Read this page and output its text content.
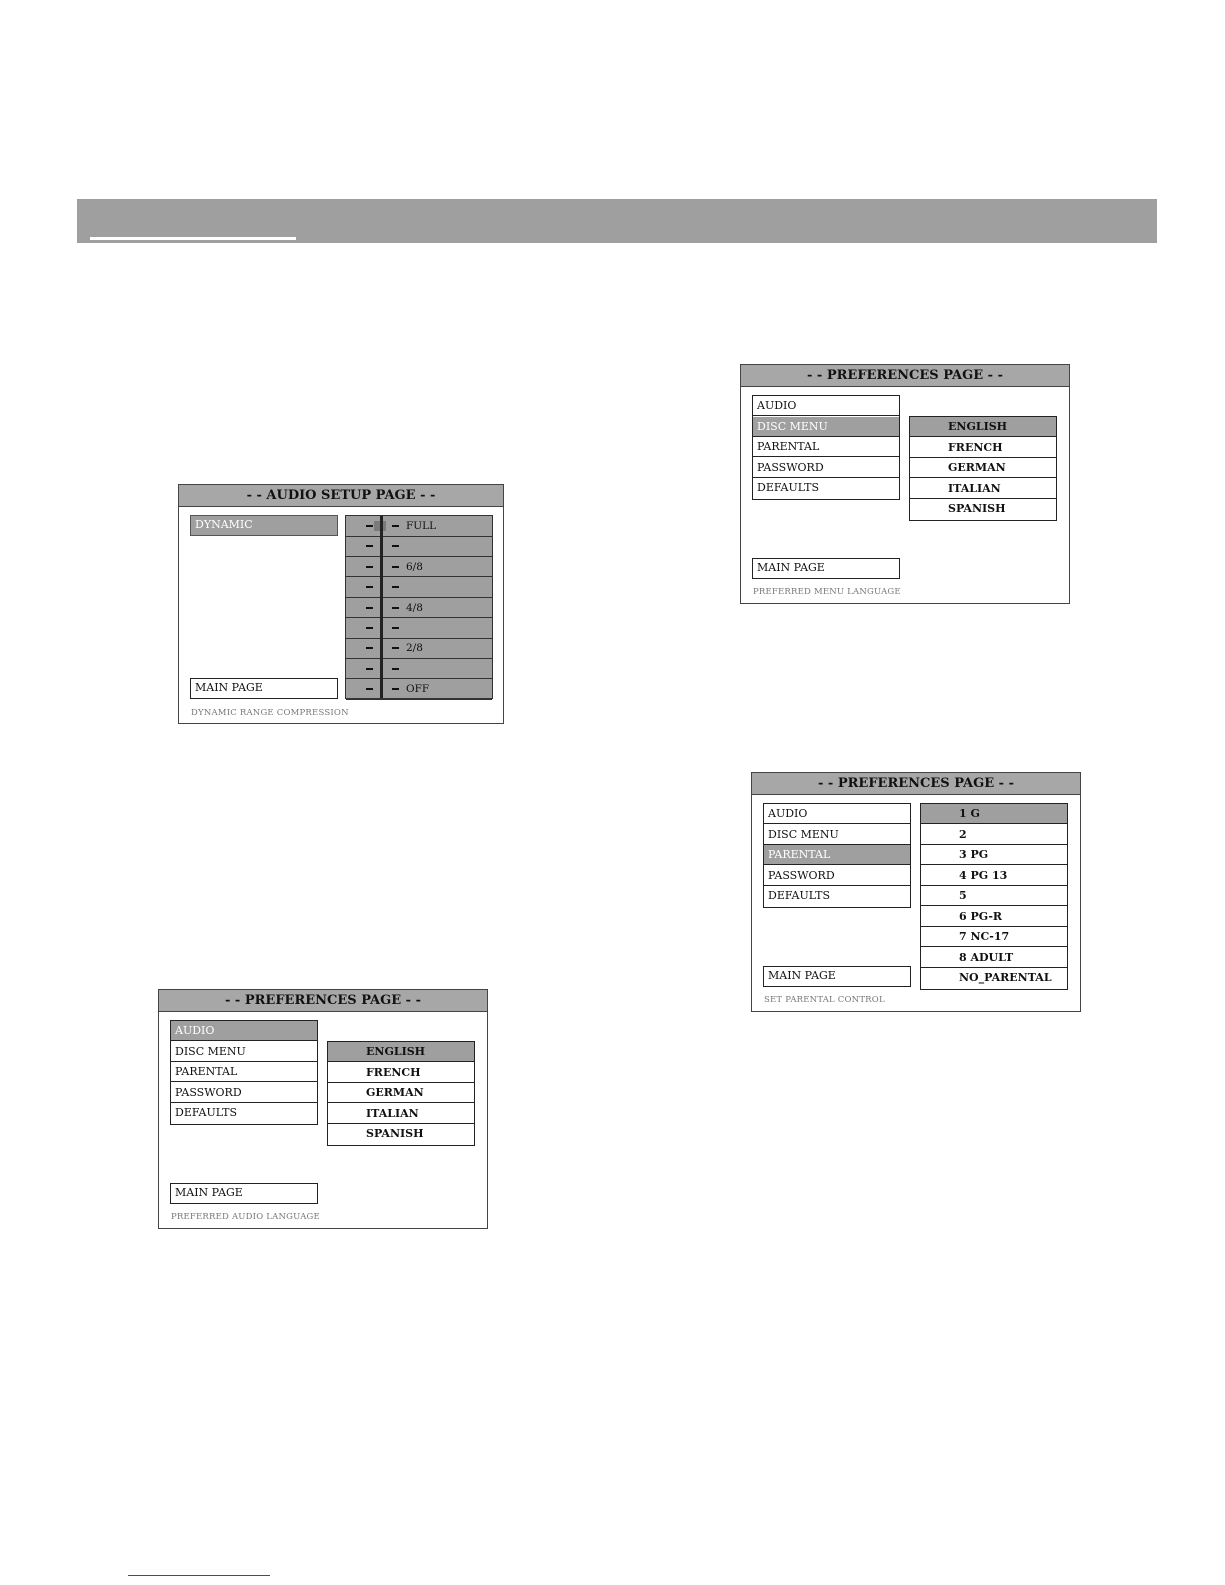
- - AUDIO SETUP PAGE - -
DYNAMIC	FULL
6/8
4/8
2/8
OFF
MAIN PAGE
DYNAMIC RANGE COMPRESSION
- - PREFERENCES PAGE - -
AUDIO
DISC MENU
PARENTAL
PASSWORD
DEFAULTS
ENGLISH
FRENCH
GERMAN
ITALIAN
SPANISH
MAIN PAGE
PREFERRED AUDIO LANGUAGE
- - PREFERENCES PAGE - -
AUDIO
DISC MENU
PARENTAL
PASSWORD
DEFAULTS
ENGLISH
FRENCH
GERMAN
ITALIAN
SPANISH
MAIN PAGE
PREFERRED MENU LANGUAGE
- - PREFERENCES PAGE - -
AUDIO
DISC MENU
PARENTAL
PASSWORD
DEFAULTS
1 G
2
3 PG
4 PG 13
5
6 PG-R
7 NC-17
8 ADULT
NO_PARENTAL
MAIN PAGE
SET PARENTAL CONTROL
